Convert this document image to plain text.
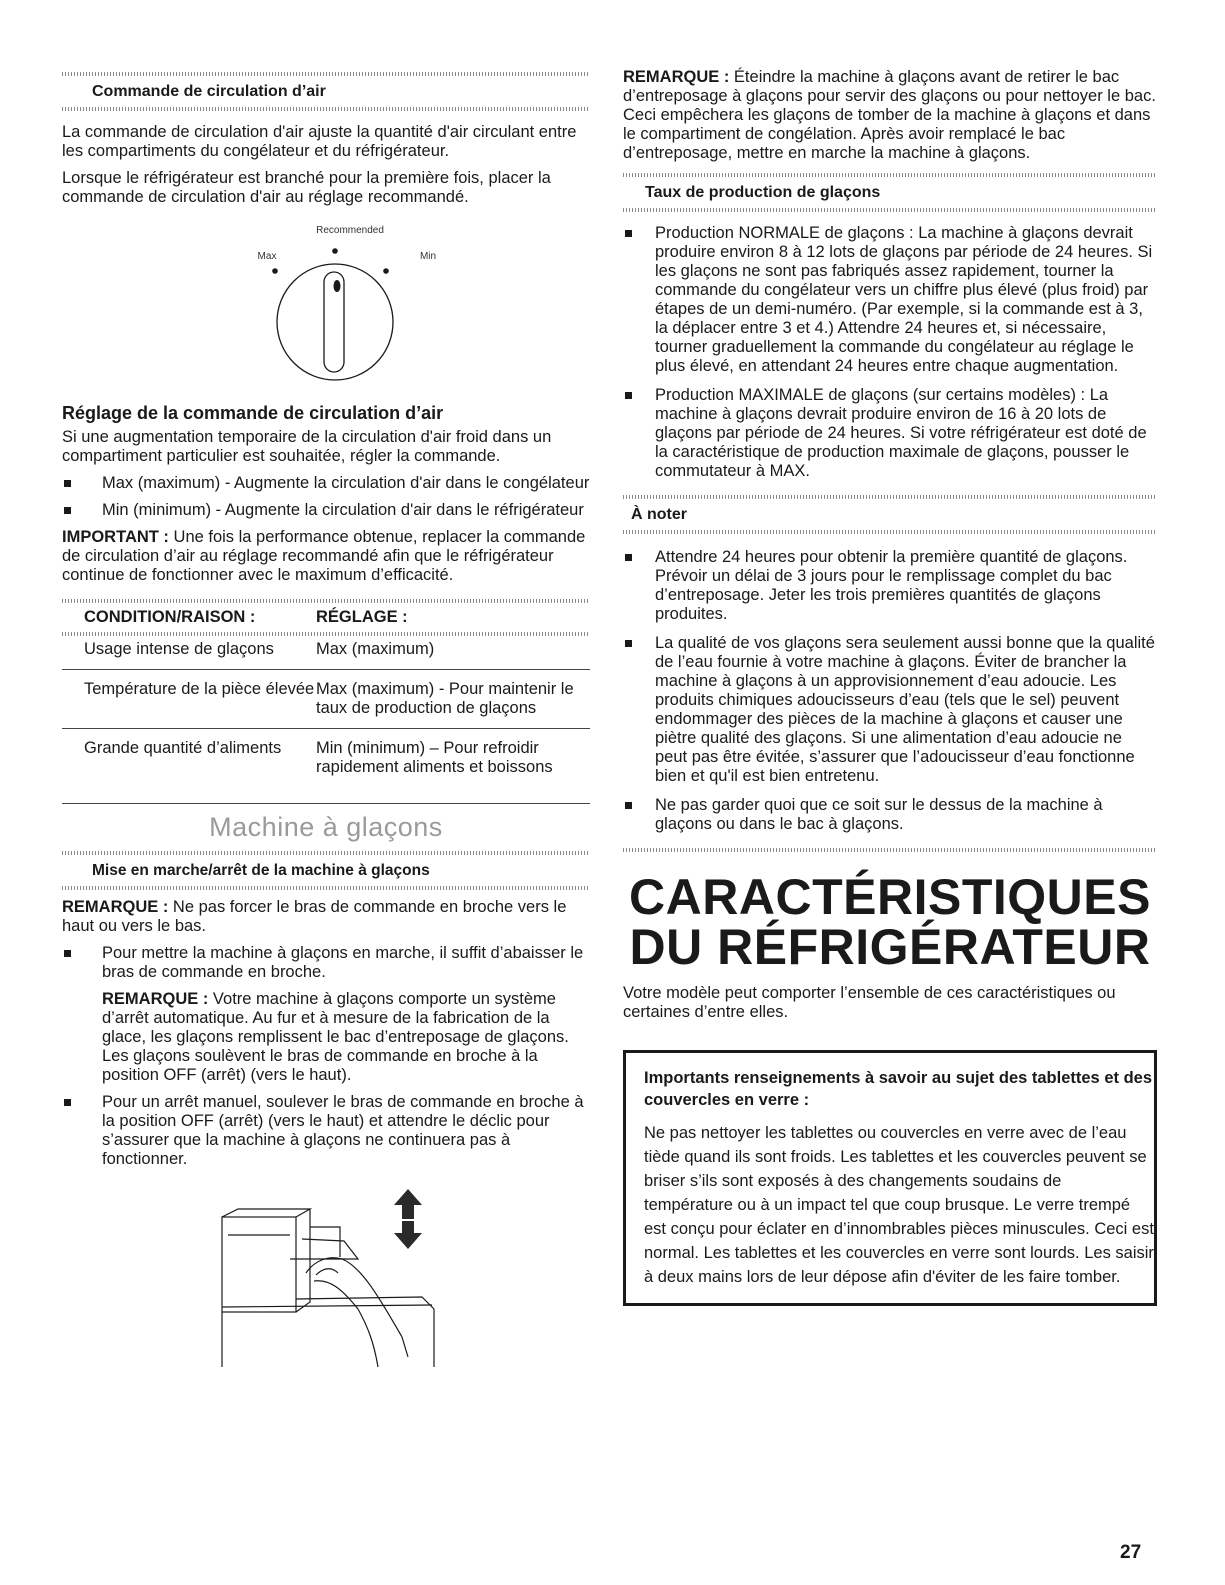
Commande de circulation d’air

La commande de circulation d'air ajuste la quantité d'air circulant entre les compartiments du congélateur et du réfrigérateur.

Lorsque le réfrigérateur est branché pour la première fois, placer la commande de circulation d'air au réglage recommandé.

Recommended
Max	Min
Réglage de la commande de circulation d’air

Si une augmentation temporaire de la circulation d'air froid dans un compartiment particulier est souhaitée, régler la commande.

Max (maximum) - Augmente la circulation d'air dans le congélateur
Min (minimum) - Augmente la circulation d'air dans le réfrigérateur

IMPORTANT : Une fois la performance obtenue, replacer la commande de circulation d’air au réglage recommandé afin que le réfrigérateur continue de fonctionner avec le maximum d’efficacité.

CONDITION/RAISON :	RÉGLAGE :

Usage intense de glaçons	Max (maximum)
Température de la pièce élevée	Max (maximum) - Pour maintenir le taux de production de glaçons
Grande quantité d’aliments	Min (minimum) – Pour refroidir rapidement aliments et boissons
Machine à glaçons
Mise en marche/arrêt de la machine à glaçons

REMARQUE : Ne pas forcer le bras de commande en broche vers le haut ou vers le bas.

Pour mettre la machine à glaçons en marche, il suffit d’abaisser le bras de commande en broche.

REMARQUE : Votre machine à glaçons comporte un système d’arrêt automatique. Au fur et à mesure de la fabrication de la glace, les glaçons remplissent le bac d’entreposage de glaçons. Les glaçons soulèvent le bras de commande en broche à la position OFF (arrêt) (vers le haut).

Pour un arrêt manuel, soulever le bras de commande en broche à la position OFF (arrêt) (vers le haut) et attendre le déclic pour s’assurer que la machine à glaçons ne continuera pas à fonctionner.

REMARQUE : Éteindre la machine à glaçons avant de retirer le bac d’entreposage à glaçons pour servir des glaçons ou pour nettoyer le bac. Ceci empêchera les glaçons de tomber de la machine à glaçons et dans le compartiment de congélation. Après avoir remplacé le bac d’entreposage, mettre en marche la machine à glaçons.

Taux de production de glaçons
Production NORMALE de glaçons : La machine à glaçons devrait produire environ 8 à 12 lots de glaçons par période de 24 heures. Si les glaçons ne sont pas fabriqués assez rapidement, tourner la commande du congélateur vers un chiffre plus élevé (plus froid) par étapes de un demi-numéro. (Par exemple, si la commande est à 3, la déplacer entre 3 et 4.) Attendre 24 heures et, si nécessaire, tourner graduellement la commande du congélateur au réglage le plus élevé, en attendant 24 heures entre chaque augmentation.
Production MAXIMALE de glaçons (sur certains modèles) : La machine à glaçons devrait produire environ de 16 à 20 lots de glaçons par période de 24 heures. Si votre réfrigérateur est doté de la caractéristique de production maximale de glaçons, pousser le commutateur à MAX.
À noter
Attendre 24 heures pour obtenir la première quantité de glaçons. Prévoir un délai de 3 jours pour le remplissage complet du bac d’entreposage. Jeter les trois premières quantités de glaçons produites.
La qualité de vos glaçons sera seulement aussi bonne que la qualité de l’eau fournie à votre machine à glaçons. Éviter de brancher la machine à glaçons à un approvisionnement d’eau adoucie. Les produits chimiques adoucisseurs d’eau (tels que le sel) peuvent endommager des pièces de la machine à glaçons et causer une piètre qualité des glaçons. Si une alimentation d’eau adoucie ne peut pas être évitée, s’assurer que l’adoucisseur d’eau fonctionne bien et qu'il est bien entretenu.
Ne pas garder quoi que ce soit sur le dessus de la machine à glaçons ou dans le bac à glaçons.
CARACTÉRISTIQUES
DU RÉFRIGÉRATEUR

Votre modèle peut comporter l’ensemble de ces caractéristiques ou certaines d’entre elles.

Importants renseignements à savoir au sujet des tablettes et des couvercles en verre :

Ne pas nettoyer les tablettes ou couvercles en verre avec de l’eau tiède quand ils sont froids. Les tablettes et les couvercles peuvent se briser s’ils sont exposés à des changements soudains de température ou à un impact tel que coup brusque. Le verre trempé est conçu pour éclater en d’innombrables pièces minuscules. Ceci est normal. Les tablettes et les couvercles en verre sont lourds. Les saisir à deux mains lors de leur dépose afin d'éviter de les faire tomber.

27
